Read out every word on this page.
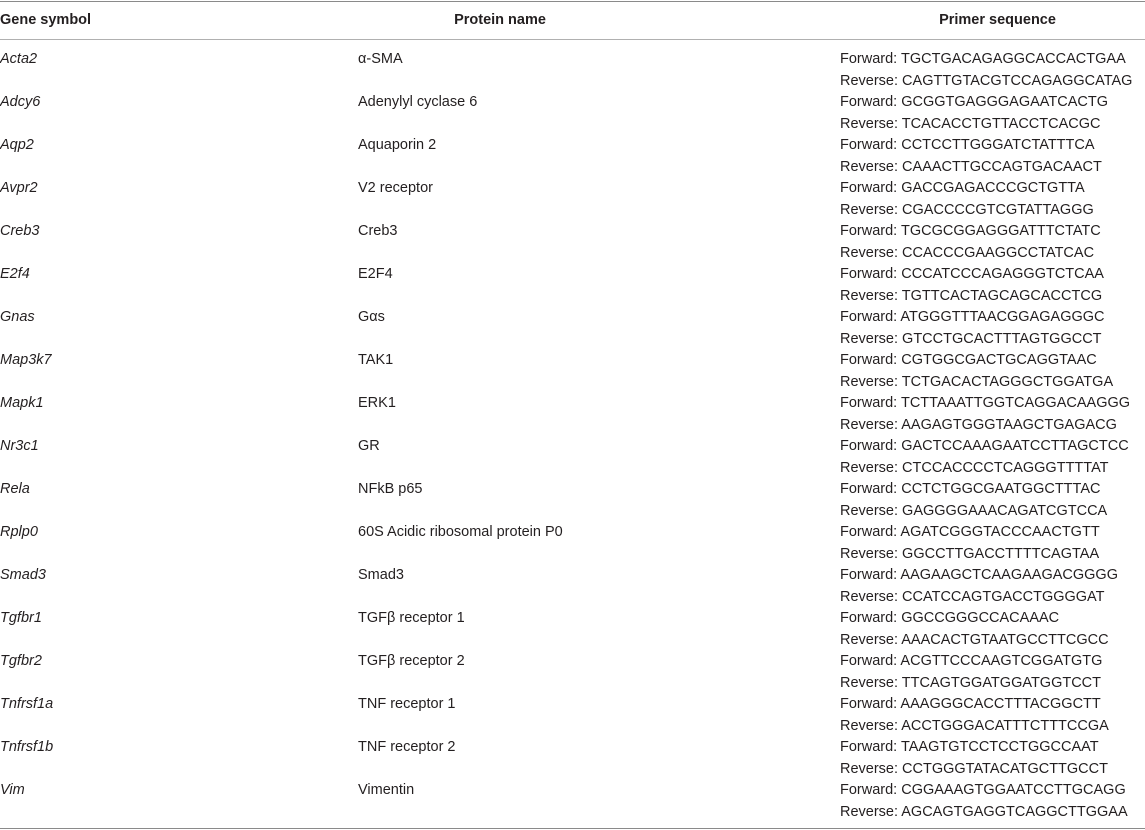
Gene symbol	Protein name	Primer sequence
Acta2	α-SMA	Forward: TGCTGACAGAGGCACCACTGAA
Reverse: CAGTTGTACGTCCAGAGGCATAG
Adcy6	Adenylyl cyclase 6	Forward: GCGGTGAGGGAGAATCACTG
Reverse: TCACACCTGTTACCTCACGC
Aqp2	Aquaporin 2	Forward: CCTCCTTGGGATCTATTTCA
Reverse: CAAACTTGCCAGTGACAACT
Avpr2	V2 receptor	Forward: GACCGAGACCCGCTGTTA
Reverse: CGACCCCGTCGTATTAGGG
Creb3	Creb3	Forward: TGCGCGGAGGGATTTCTATC
Reverse: CCACCCGAAGGCCTATCAC
E2f4	E2F4	Forward: CCCATCCCAGAGGGTCTCAA
Reverse: TGTTCACTAGCAGCACCTCG
Gnas	Gαs	Forward: ATGGGTTTAACGGAGAGGGC
Reverse: GTCCTGCACTTTAGTGGCCT
Map3k7	TAK1	Forward: CGTGGCGACTGCAGGTAAC
Reverse: TCTGACACTAGGGCTGGATGA
Mapk1	ERK1	Forward: TCTTAAATTGGTCAGGACAAGGG
Reverse: AAGAGTGGGTAAGCTGAGACG
Nr3c1	GR	Forward: GACTCCAAAGAATCCTTAGCTCC
Reverse: CTCCACCCCTCAGGGTTTTAT
Rela	NFkB p65	Forward: CCTCTGGCGAATGGCTTTAC
Reverse: GAGGGGAAACAGATCGTCCA
Rplp0	60S Acidic ribosomal protein P0	Forward: AGATCGGGTACCCAACTGTT
Reverse: GGCCTTGACCTTTTCAGTAA
Smad3	Smad3	Forward: AAGAAGCTCAAGAAGACGGGG
Reverse: CCATCCAGTGACCTGGGGAT
Tgfbr1	TGFβ receptor 1	Forward: GGCCGGGCCACAAAC
Reverse: AAACACTGTAATGCCTTCGCC
Tgfbr2	TGFβ receptor 2	Forward: ACGTTCCCAAGTCGGATGTG
Reverse: TTCAGTGGATGGATGGTCCT
Tnfrsf1a	TNF receptor 1	Forward: AAAGGGCACCTTTACGGCTT
Reverse: ACCTGGGACATTTCTTTCCGA
Tnfrsf1b	TNF receptor 2	Forward: TAAGTGTCCTCCTGGCCAAT
Reverse: CCTGGGTATACATGCTTGCCT
Vim	Vimentin	Forward: CGGAAAGTGGAATCCTTGCAGG
Reverse: AGCAGTGAGGTCAGGCTTGGAA
